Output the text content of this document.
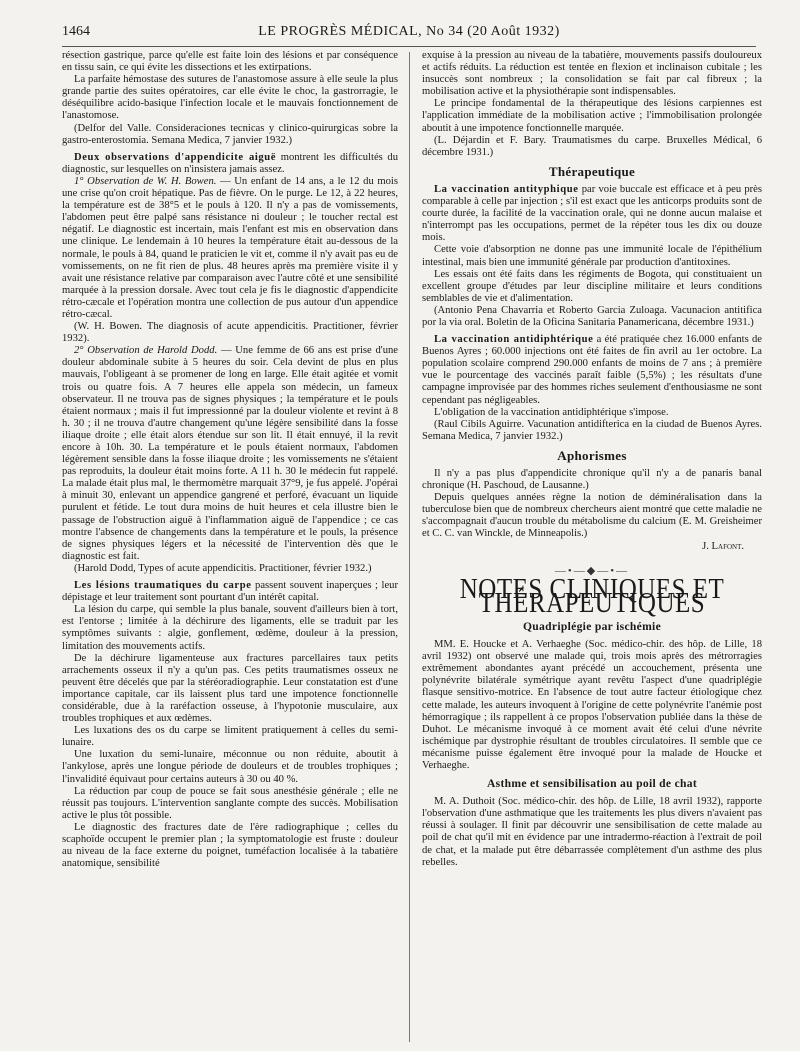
1464	LE PROGRÈS MÉDICAL, No 34 (20 Août 1932)

résection gastrique, parce qu'elle est faite loin des lésions et par conséquence en tissu sain, ce qui évite les dissections et les extirpations.

La parfaite hémostase des sutures de l'anastomose assure à elle seule la plus grande partie des suites opératoires, car elle évite le choc, la gastrorragie, le déséquilibre acido-basique l'infection locale et le mauvais fonctionnement de l'anastomose.

(Delfor del Valle. Consideraciones tecnicas y clinico-quirurgicas sobre la gastro-enterostomia. Semana Medica, 7 janvier 1932.)

Deux observations d'appendicite aiguë montrent les difficultés du diagnostic, sur lesquelles on n'insistera jamais assez.

1° Observation de W. H. Bowen. — Un enfant de 14 ans, a le 12 du mois une crise qu'on croit hépatique. Pas de fièvre. On le purge. Le 12, à 22 heures, la température est de 38°5 et le pouls à 120. Il n'y a pas de vomissements, l'abdomen peut être palpé sans résistance ni douleur ; le toucher rectal est négatif. Le diagnostic est incertain, mais l'enfant est mis en observation dans une clinique. Le lendemain à 10 heures la température était au-dessous de la normale, le pouls à 84, quand le praticien le vit et, comme il n'y avait pas eu de vomissements, on ne fit rien de plus. 48 heures après ma première visite il y avait une résistance relative par comparaison avec l'autre côté et une sensibilité marquée à la pression dorsale. Avec tout cela je fis le diagnostic d'appendicite rétro-cæcale et l'opération montra une collection de pus autour d'un appendice rétro-cæcal.

(W. H. Bowen. The diagnosis of acute appendicitis. Practitioner, février 1932).

2° Observation de Harold Dodd. — Une femme de 66 ans est prise d'une douleur abdominale subite à 5 heures du soir. Cela devint de plus en plus mauvais, l'obligeant à se promener de long en large. Elle était agitée et vomit trois ou quatre fois. A 7 heures elle appela son médecin, un fameux observateur. Il ne trouva pas de signes physiques ; la température et le pouls étaient normaux ; mais il fut impressionné par la douleur violente et revint à 8 h. 30 ; il ne trouva d'autre changement qu'une légère sensibilité dans la fosse iliaque droite ; elle était alors étendue sur son lit. Il était ennuyé, il la revit encore à 10h. 30. La température et le pouls étaient normaux, l'abdomen légèrement sensible dans la fosse iliaque droite ; les vomissements ne s'étaient pas reproduits, la douleur était moins forte. A 11 h. 30 le médecin fut rappelé. La malade était plus mal, le thermomètre marquait 37°9, je fus appelé. J'opérai à minuit 30, enlevant un appendice gangrené et perforé, évacuant un liquide purulent et fétide. Le tout dura moins de huit heures et cela illustre bien le passage de l'obstruction aiguë à l'inflammation aiguë de l'appendice ; ce cas montre l'absence de changements dans la température et le pouls, la présence de signes physiques légers et la nécessité de l'intervention dès que le diagnostic est fait.

(Harold Dodd, Types of acute appendicitis. Practitioner, février 1932.)

Les lésions traumatiques du carpe passent souvent inaperçues ; leur dépistage et leur traitement sont pourtant d'un intérêt capital.

La lésion du carpe, qui semble la plus banale, souvent d'ailleurs bien à tort, est l'entorse ; limitée à la déchirure des ligaments, elle se traduit par les symptômes suivants : algie, gonflement, œdème, douleur à la pression, limitation des mouvements actifs.

De la déchirure ligamenteuse aux fractures parcellaires taux petits arrachements osseux il n'y a qu'un pas. Ces petits traumatismes osseux ne peuvent être décelés que par la stéréoradiographie. Leur constatation est d'une importance capitale, car ils laissent plus tard une impotence fonctionnelle considérable, due à la raréfaction osseuse, à l'hypotonie musculaire, aux troubles trophiques et aux œdèmes.

Les luxations des os du carpe se limitent pratiquement à celles du semi-lunaire.

Une luxation du semi-lunaire, méconnue ou non réduite, aboutit à l'ankylose, après une longue période de douleurs et de troubles trophiques ; l'invalidité équivaut pour certains auteurs à 30 ou 40 %.

La réduction par coup de pouce se fait sous anesthésie générale ; elle ne réussit pas toujours. L'intervention sanglante compte des succès. Mobilisation active le plus tôt possible.

Le diagnostic des fractures date de l'ère radiographique ; celles du scaphoïde occupent le premier plan ; la symptomatologie est fruste : douleur au niveau de la face externe du poignet, tuméfaction localisée à la tabatière anatomique, sensibilité

exquise à la pression au niveau de la tabatière, mouvements passifs douloureux et actifs réduits. La réduction est tentée en flexion et inclinaison cubitale ; les insuccès sont nombreux ; la consolidation se fait par cal fibreux ; la mobilisation active et la physiothérapie sont indispensables.

Le principe fondamental de la thérapeutique des lésions carpiennes est l'application immédiate de la mobilisation active ; l'immobilisation prolongée aboutit à une impotence fonctionnelle marquée.

(L. Déjardin et F. Bary. Traumatismes du carpe. Bruxelles Médical, 6 décembre 1931.)

Thérapeutique

La vaccination antityphique par voie buccale est efficace et à peu près comparable à celle par injection ; s'il est exact que les anticorps produits sont de courte durée, la facilité de la vaccination orale, qui ne donne aucun malaise et n'interrompt pas les occupations, permet de la répéter tous les dix ou douze mois.

Cette voie d'absorption ne donne pas une immunité locale de l'épithélium intestinal, mais bien une immunité générale par production d'antitoxines.

Les essais ont été faits dans les régiments de Bogota, qui constituaient un excellent groupe d'études par leur discipline militaire et leurs conditions semblables de vie et d'alimentation.

(Antonio Pena Chavarria et Roberto Garcia Zuloaga. Vacunacion antitifica por la via oral. Boletin de la Oficina Sanitaria Panamericana, décembre 1931.)

La vaccination antidiphtérique a été pratiquée chez 16.000 enfants de Buenos Ayres ; 60.000 injections ont été faites de fin avril au 1er octobre. La population scolaire comprend 290.000 enfants de moins de 7 ans ; à première vue le pourcentage des vaccinés paraît faible (5,5%) ; les résultats d'une campagne improvisée par des hommes riches seulement d'enthousiasme ne sont cependant pas négligeables.

L'obligation de la vaccination antidiphtérique s'impose.

(Raul Cibils Aguirre. Vacunation antidifterica en la ciudad de Buenos Ayres. Semana Medica, 7 janvier 1932.)

Aphorismes

Il n'y a pas plus d'appendicite chronique qu'il n'y a de panaris banal chronique (H. Paschoud, de Lausanne.)

Depuis quelques années règne la notion de déminéralisation dans la tuberculose bien que de nombreux chercheurs aient montré que cette maladie ne s'accompagnait d'aucun trouble du métabolisme du calcium (E. M. Greisheimer et C. C. van Winckle, de Minneapolis.)

J. Lafont.
—•—◆—•—
NOTES CLINIQUES ET THÉRAPEUTIQUES
Quadriplégie par ischémie

MM. E. Houcke et A. Verhaeghe (Soc. médico-chir. des hôp. de Lille, 18 avril 1932) ont observé une malade qui, trois mois après des métrorragies extrêmement abondantes ayant précédé un accouchement, présenta une polynévrite bilatérale symétrique ayant revêtu l'aspect d'une quadriplégie flasque sensitivo-motrice. En l'absence de tout autre facteur étiologique chez cette malade, les auteurs invoquent à l'origine de cette polynévrite l'anémie post hémorragique ; ils rappellent à ce propos l'observation publiée dans la thèse de Duhot. Le mécanisme invoqué à ce moment avait été celui d'une névrite ischémique par dystrophie résultant de troubles circulatoires. Il semble que ce mécanisme puisse également être invoqué pour la malade de Houcke et Verhaeghe.

Asthme et sensibilisation au poil de chat

M. A. Duthoit (Soc. médico-chir. des hôp. de Lille, 18 avril 1932), rapporte l'observation d'une asthmatique que les traitements les plus divers n'avaient pas réussi à soulager. Il finit par découvrir une sensibilisation de cette malade au poil de chat qu'il mit en évidence par une intradermo-réaction à l'extrait de poil de chat, et la malade put être débarrassée complètement d'un asthme des plus rebelles.
